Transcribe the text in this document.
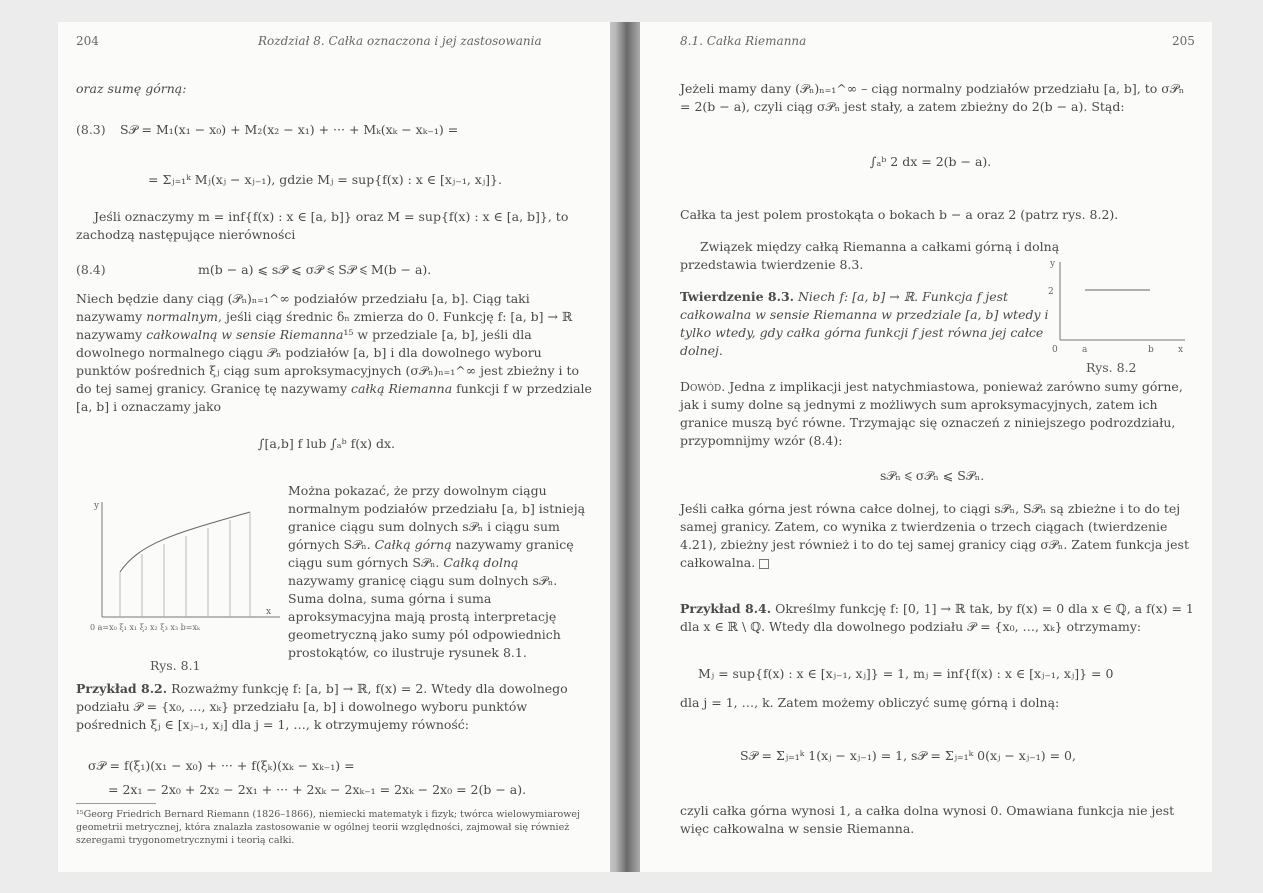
204	Rozdział 8. Całka oznaczona i jej zastosowania
oraz sumę górną:
(8.3) S𝒫 = M₁(x₁ − x₀) + M₂(x₂ − x₁) + ··· + Mₖ(xₖ − xₖ₋₁) =
= Σⱼ₌₁ᵏ Mⱼ(xⱼ − xⱼ₋₁), gdzie Mⱼ = sup{f(x) : x ∈ [xⱼ₋₁, xⱼ]}.
Jeśli oznaczymy m = inf{f(x) : x ∈ [a, b]} oraz M = sup{f(x) : x ∈ [a, b]}, to zachodzą następujące nierówności
(8.4)	m(b − a) ⩽ s𝒫 ⩽ σ𝒫 ⩽ S𝒫 ⩽ M(b − a).
Niech będzie dany ciąg (𝒫ₙ)ₙ₌₁^∞ podziałów przedziału [a, b]. Ciąg taki nazywamy normalnym, jeśli ciąg średnic δₙ zmierza do 0. Funkcję f: [a, b] → ℝ nazywamy całkowalną w sensie Riemanna¹⁵ w przedziale [a, b], jeśli dla dowolnego normalnego ciągu 𝒫ₙ podziałów [a, b] i dla dowolnego wyboru punktów pośrednich ξⱼ ciąg sum aproksymacyjnych (σ𝒫ₙ)ₙ₌₁^∞ jest zbieżny i to do tej samej granicy. Granicę tę nazywamy całką Riemanna funkcji f w przedziale [a, b] i oznaczamy jako
∫[a,b] f lub ∫ₐᵇ f(x) dx.
y
x
0 a=x₀ ξ₁ x₁ ξ₂ x₂ ξ₃ x₃ b=xₖ
Rys. 8.1
Można pokazać, że przy dowolnym ciągu normalnym podziałów przedziału [a, b] istnieją granice ciągu sum dolnych s𝒫ₙ i ciągu sum górnych S𝒫ₙ. Całką górną nazywamy granicę ciągu sum górnych S𝒫ₙ. Całką dolną nazywamy granicę ciągu sum dolnych s𝒫ₙ. Suma dolna, suma górna i suma aproksymacyjna mają prostą interpretację geometryczną jako sumy pól odpowiednich prostokątów, co ilustruje rysunek 8.1.
Przykład 8.2. Rozważmy funkcję f: [a, b] → ℝ, f(x) = 2. Wtedy dla dowolnego podziału 𝒫 = {x₀, …, xₖ} przedziału [a, b] i dowolnego wyboru punktów pośrednich ξⱼ ∈ [xⱼ₋₁, xⱼ] dla j = 1, …, k otrzymujemy równość:
σ𝒫 = f(ξ₁)(x₁ − x₀) + ··· + f(ξₖ)(xₖ − xₖ₋₁) =
= 2x₁ − 2x₀ + 2x₂ − 2x₁ + ··· + 2xₖ − 2xₖ₋₁ = 2xₖ − 2x₀ = 2(b − a).
¹⁵Georg Friedrich Bernard Riemann (1826–1866), niemiecki matematyk i fizyk; twórca wielowymiarowej geometrii metrycznej, która znalazła zastosowanie w ogólnej teorii względności, zajmował się również szeregami trygonometrycznymi i teorią całki.
8.1. Całka Riemanna	205
Jeżeli mamy dany (𝒫ₙ)ₙ₌₁^∞ – ciąg normalny podziałów przedziału [a, b], to σ𝒫ₙ = 2(b − a), czyli ciąg σ𝒫ₙ jest stały, a zatem zbieżny do 2(b − a). Stąd:
∫ₐᵇ 2 dx = 2(b − a).
Całka ta jest polem prostokąta o bokach b − a oraz 2 (patrz rys. 8.2).
Związek między całką Riemanna a całkami górną i dolną przedstawia twierdzenie 8.3.
Twierdzenie 8.3. Niech f: [a, b] → ℝ. Funkcja f jest całkowalna w sensie Riemanna w przedziale [a, b] wtedy i tylko wtedy, gdy całka górna funkcji f jest równa jej całce dolnej.
y
2
0	a	b	x
Rys. 8.2
Dowód. Jedna z implikacji jest natychmiastowa, ponieważ zarówno sumy górne, jak i sumy dolne są jednymi z możliwych sum aproksymacyjnych, zatem ich granice muszą być równe. Trzymając się oznaczeń z niniejszego podrozdziału, przypomnijmy wzór (8.4):
s𝒫ₙ ⩽ σ𝒫ₙ ⩽ S𝒫ₙ.
Jeśli całka górna jest równa całce dolnej, to ciągi s𝒫ₙ, S𝒫ₙ są zbieżne i to do tej samej granicy. Zatem, co wynika z twierdzenia o trzech ciągach (twierdzenie 4.21), zbieżny jest również i to do tej samej granicy ciąg σ𝒫ₙ. Zatem funkcja jest całkowalna.
Przykład 8.4. Określmy funkcję f: [0, 1] → ℝ tak, by f(x) = 0 dla x ∈ ℚ, a f(x) = 1 dla x ∈ ℝ \ ℚ. Wtedy dla dowolnego podziału 𝒫 = {x₀, …, xₖ} otrzymamy:
Mⱼ = sup{f(x) : x ∈ [xⱼ₋₁, xⱼ]} = 1, mⱼ = inf{f(x) : x ∈ [xⱼ₋₁, xⱼ]} = 0
dla j = 1, …, k. Zatem możemy obliczyć sumę górną i dolną:
S𝒫 = Σⱼ₌₁ᵏ 1(xⱼ − xⱼ₋₁) = 1, s𝒫 = Σⱼ₌₁ᵏ 0(xⱼ − xⱼ₋₁) = 0,
czyli całka górna wynosi 1, a całka dolna wynosi 0. Omawiana funkcja nie jest więc całkowalna w sensie Riemanna.
